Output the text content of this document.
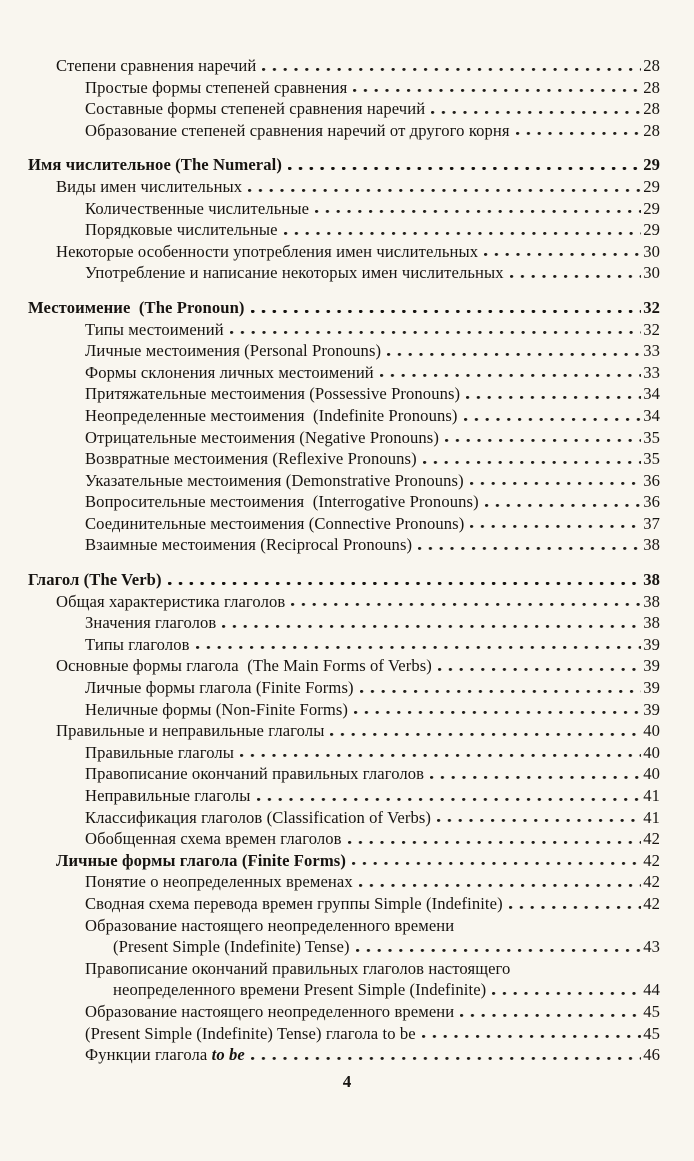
Степени сравнения наречий	28
Простые формы степеней сравнения	28
Составные формы степеней сравнения наречий	28
Образование степеней сравнения наречий от другого корня	28
Имя числительное (The Numeral)	29
Виды имен числительных	29
Количественные числительные	29
Порядковые числительные	29
Некоторые особенности употребления имен числительных	30
Употребление и написание некоторых имен числительных	30
Местоимение  (The Pronoun)	32
Типы местоимений	32
Личные местоимения (Personal Pronouns)	33
Формы склонения личных местоимений	33
Притяжательные местоимения (Possessive Pronouns)	34
Неопределенные местоимения  (Indefinite Pronouns)	34
Отрицательные местоимения (Negative Pronouns)	35
Возвратные местоимения (Reflexive Pronouns)	35
Указательные местоимения (Demonstrative Pronouns)	36
Вопросительные местоимения  (Interrogative Pronouns)	36
Соединительные местоимения (Connective Pronouns)	37
Взаимные местоимения (Reciprocal Pronouns)	38
Глагол (The Verb)	38
Общая характеристика глаголов	38
Значения глаголов	38
Типы глаголов	39
Основные формы глагола  (The Main Forms of Verbs)	39
Личные формы глагола (Finite Forms)	39
Неличные формы (Non-Finite Forms)	39
Правильные и неправильные глаголы	40
Правильные глаголы	40
Правописание окончаний правильных глаголов	40
Неправильные глаголы	41
Классификация глаголов (Classification of Verbs)	41
Обобщенная схема времен глаголов	42
Личные формы глагола (Finite Forms)	42
Понятие о неопределенных временах	42
Сводная схема перевода времен группы Simple (Indefinite)	42
Образование настоящего неопределенного времени
(Present Simple (Indefinite) Tense)	43
Правописание окончаний правильных глаголов настоящего
неопределенного времени Present Simple (Indefinite)	44
Образование настоящего неопределенного времени	45
(Present Simple (Indefinite) Tense) глагола to be	45
Функции глагола to be	46
4
